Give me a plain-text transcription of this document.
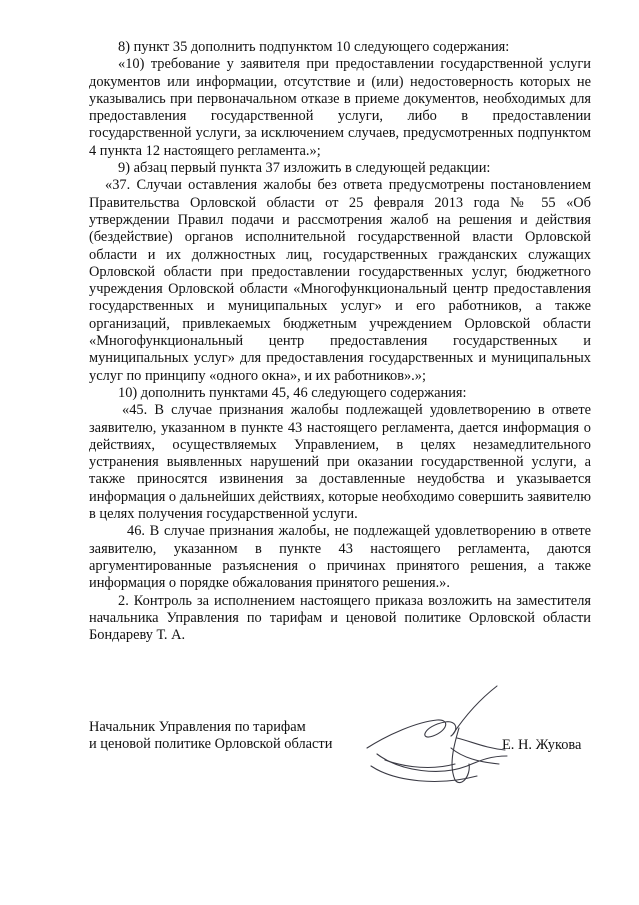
8) пункт 35 дополнить подпунктом 10 следующего содержания:

«10) требование у заявителя при предоставлении государственной услуги документов или информации, отсутствие и (или) недостоверность которых не указывались при первоначальном отказе в приеме документов, необходимых для предоставления государственной услуги, либо в предоставлении государственной услуги, за исключением случаев, предусмотренных подпунктом 4 пункта 12 настоящего регламента.»;

9) абзац первый пункта 37 изложить в следующей редакции:

«37. Случаи оставления жалобы без ответа предусмотрены постановлением Правительства Орловской области от 25 февраля 2013 года № 55 «Об утверждении Правил подачи и рассмотрения жалоб на решения и действия (бездействие) органов исполнительной государственной власти Орловской области и их должностных лиц, государственных гражданских служащих Орловской области при предоставлении государственных услуг, бюджетного учреждения Орловской области «Многофункциональный центр предоставления государственных и муниципальных услуг» и его работников, а также организаций, привлекаемых бюджетным учреждением Орловской области «Многофункциональный центр предоставления государственных и муниципальных услуг» для предоставления государственных и муниципальных услуг по принципу «одного окна», и их работников».»;

10) дополнить пунктами 45, 46 следующего содержания:

«45. В случае признания жалобы подлежащей удовлетворению в ответе заявителю, указанном в пункте 43 настоящего регламента, дается информация о действиях, осуществляемых Управлением, в целях незамедлительного устранения выявленных нарушений при оказании государственной услуги, а также приносятся извинения за доставленные неудобства и указывается информация о дальнейших действиях, которые необходимо совершить заявителю в целях получения государственной услуги.

46. В случае признания жалобы, не подлежащей удовлетворению в ответе заявителю, указанном в пункте 43 настоящего регламента, даются аргументированные разъяснения о причинах принятого решения, а также информация о порядке обжалования принятого решения.».

2. Контроль за исполнением настоящего приказа возложить на заместителя начальника Управления по тарифам и ценовой политике Орловской области Бондареву Т. А.

Начальник Управления по тарифам
и ценовой политике Орловской области	Е. Н. Жукова
